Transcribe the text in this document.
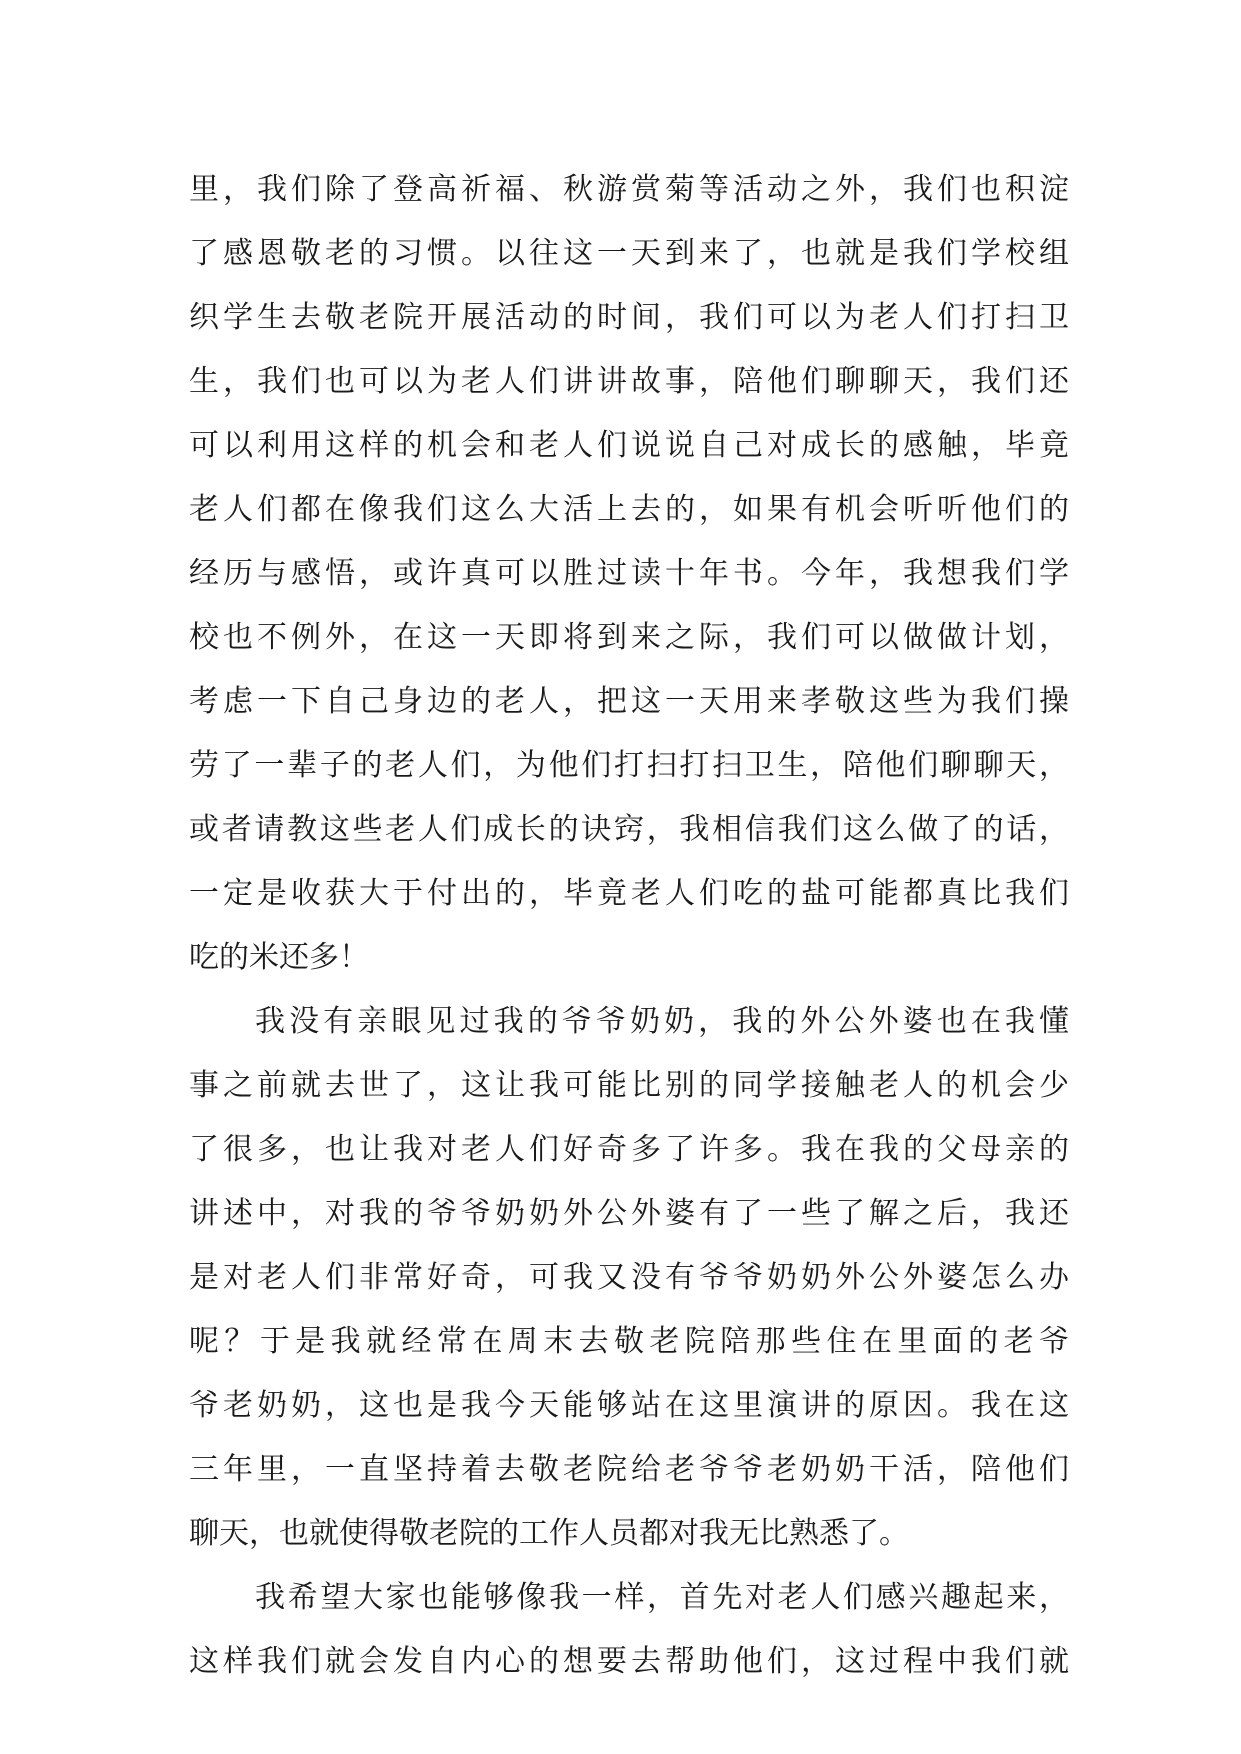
里，我们除了登高祈福、秋游赏菊等活动之外，我们也积淀
了感恩敬老的习惯。以往这一天到来了，也就是我们学校组
织学生去敬老院开展活动的时间，我们可以为老人们打扫卫
生，我们也可以为老人们讲讲故事，陪他们聊聊天，我们还
可以利用这样的机会和老人们说说自己对成长的感触，毕竟
老人们都在像我们这么大活上去的，如果有机会听听他们的
经历与感悟，或许真可以胜过读十年书。今年，我想我们学
校也不例外，在这一天即将到来之际，我们可以做做计划，
考虑一下自己身边的老人，把这一天用来孝敬这些为我们操
劳了一辈子的老人们，为他们打扫打扫卫生，陪他们聊聊天，
或者请教这些老人们成长的诀窍，我相信我们这么做了的话，
一定是收获大于付出的，毕竟老人们吃的盐可能都真比我们
吃的米还多！
我没有亲眼见过我的爷爷奶奶，我的外公外婆也在我懂
事之前就去世了，这让我可能比别的同学接触老人的机会少
了很多，也让我对老人们好奇多了许多。我在我的父母亲的
讲述中，对我的爷爷奶奶外公外婆有了一些了解之后，我还
是对老人们非常好奇，可我又没有爷爷奶奶外公外婆怎么办
呢？于是我就经常在周末去敬老院陪那些住在里面的老爷
爷老奶奶，这也是我今天能够站在这里演讲的原因。我在这
三年里，一直坚持着去敬老院给老爷爷老奶奶干活，陪他们
聊天，也就使得敬老院的工作人员都对我无比熟悉了。
我希望大家也能够像我一样，首先对老人们感兴趣起来，
这样我们就会发自内心的想要去帮助他们，这过程中我们就
